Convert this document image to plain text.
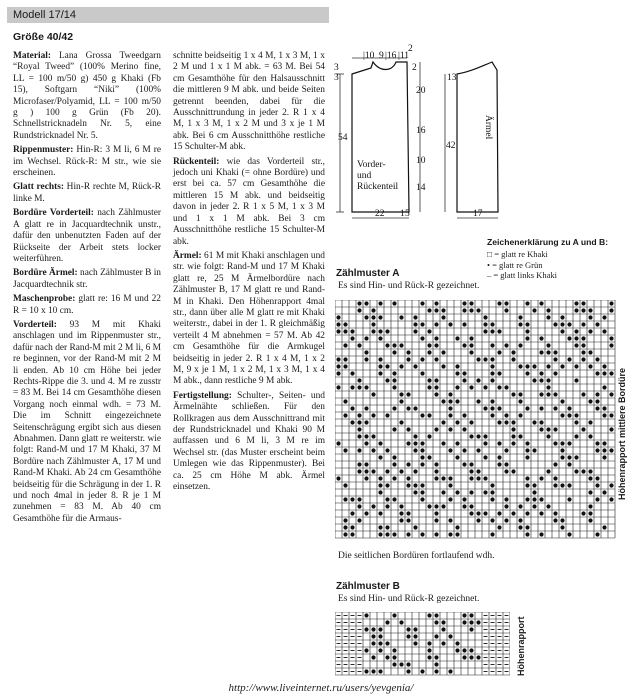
Modell 17/14
Größe 40/42

Material: Lana Grossa Tweedgarn “Royal Tweed” (100% Merino fine, LL = 100 m/50 g) 450 g Khaki (Fb 15), Softgarn “Niki” (100% Microfaser/Polyamid, LL = 100 m/50 g ) 100 g Grün (Fb 20). Schnellstricknadeln Nr. 5, eine Rundstricknadel Nr. 5.

Rippenmuster: Hin-R: 3 M li, 6 M re im Wechsel. Rück-R: M str., wie sie erscheinen.

Glatt rechts: Hin-R rechte M, Rück-R linke M.

Bordüre Vorderteil: nach Zählmuster A glatt re in Jacquardtechnik unstr., dafür den unbenutzten Faden auf der Rückseite der Arbeit stets locker weiterführen.

Bordüre Ärmel: nach Zählmuster B in Jacquardtechnik str.

Maschenprobe: glatt re: 16 M und 22 R = 10 x 10 cm.

Vorderteil: 93 M mit Khaki anschlagen und im Rippenmuster str., dafür nach der Rand-M mit 2 M li, 6 M re beginnen, vor der Rand-M mit 2 M li enden. Ab 10 cm Höhe bei jeder Rechts-Rippe die 3. und 4. M re zusstr = 83 M. Bei 14 cm Gesamthöhe diesen Vorgang noch einmal wdh. = 73 M. Die im Schnitt eingezeichnete Seitenschrägung ergibt sich aus diesen Abnahmen. Dann glatt re weiterstr. wie folgt: Rand-M und 17 M Khaki, 37 M Bordüre nach Zählmuster A, 17 M und Rand-M Khaki. Ab 24 cm Gesamthöhe beidseitig für die Schrägung in der 1. R und noch 4mal in jeder 8. R je 1 M zunehmen = 83 M. Ab 40 cm Gesamthöhe für die Armaus-

schnitte beidseitig 1 x 4 M, 1 x 3 M, 1 x 2 M und 1 x 1 M abk. = 63 M. Bei 54 cm Gesamthöhe für den Halsausschnitt die mittleren 9 M abk. und beide Seiten getrennt beenden, dabei für die Ausschnittrundung in jeder 2. R 1 x 4 M, 1 x 3 M, 1 x 2 M und 3 x je 1 M abk. Bei 6 cm Ausschnitthöhe restliche 15 Schulter-M abk.

Rückenteil: wie das Vorderteil str., jedoch uni Khaki (= ohne Bordüre) und erst bei ca. 57 cm Gesamthöhe die mittleren 15 M abk. und beidseitig davon in jeder 2. R 1 x 5 M, 1 x 3 M und 1 x 1 M abk. Bei 3 cm Ausschnitthöhe restliche 15 Schulter-M abk.

Ärmel: 61 M mit Khaki anschlagen und str. wie folgt: Rand-M und 17 M Khaki glatt re, 25 M Ärmelbordüre nach Zählmuster B, 17 M glatt re und Rand-M in Khaki. Den Höhenrapport 4mal str., dann über alle M glatt re mit Khaki weiterstr., dabei in der 1. R gleichmäßig verteilt 4 M abnehmen = 57 M. Ab 42 cm Gesamthöhe für die Armkugel beidseitig in jeder 2. R 1 x 4 M, 1 x 2 M, 9 x je 1 M, 1 x 2 M, 1 x 3 M, 1 x 4 M abk., dann restliche 9 M abk.

Fertigstellung: Schulter-, Seiten- und Ärmelnähte schließen. Für den Rollkragen aus dem Ausschnittrand mit der Rundstricknadel und Khaki 90 M auffassen und 6 M li, 3 M re im Wechsel str. (das Muster erscheint beim Umlegen wie das Rippenmuster). Bei ca. 25 cm Höhe M abk. Ärmel einsetzen.

|10 9 |16 |11
2
3
3
54
2
20
16
10
14
22 1 5
13
42
17
Ärmel
Vorder-
und
Rückenteil
Zeichenerklärung zu A und B:
□ = glatt re Khaki
• = glatt re Grün
– = glatt links Khaki
Zählmuster A
Es sind Hin- und Rück-R gezeichnet.
Höhenrapport mittlere Bordüre
Die seitlichen Bordüren fortlaufend wdh.
Zählmuster B
Es sind Hin- und Rück-R gezeichnet.
Höhenrapport
http://www.liveinternet.ru/users/yevgenia/
